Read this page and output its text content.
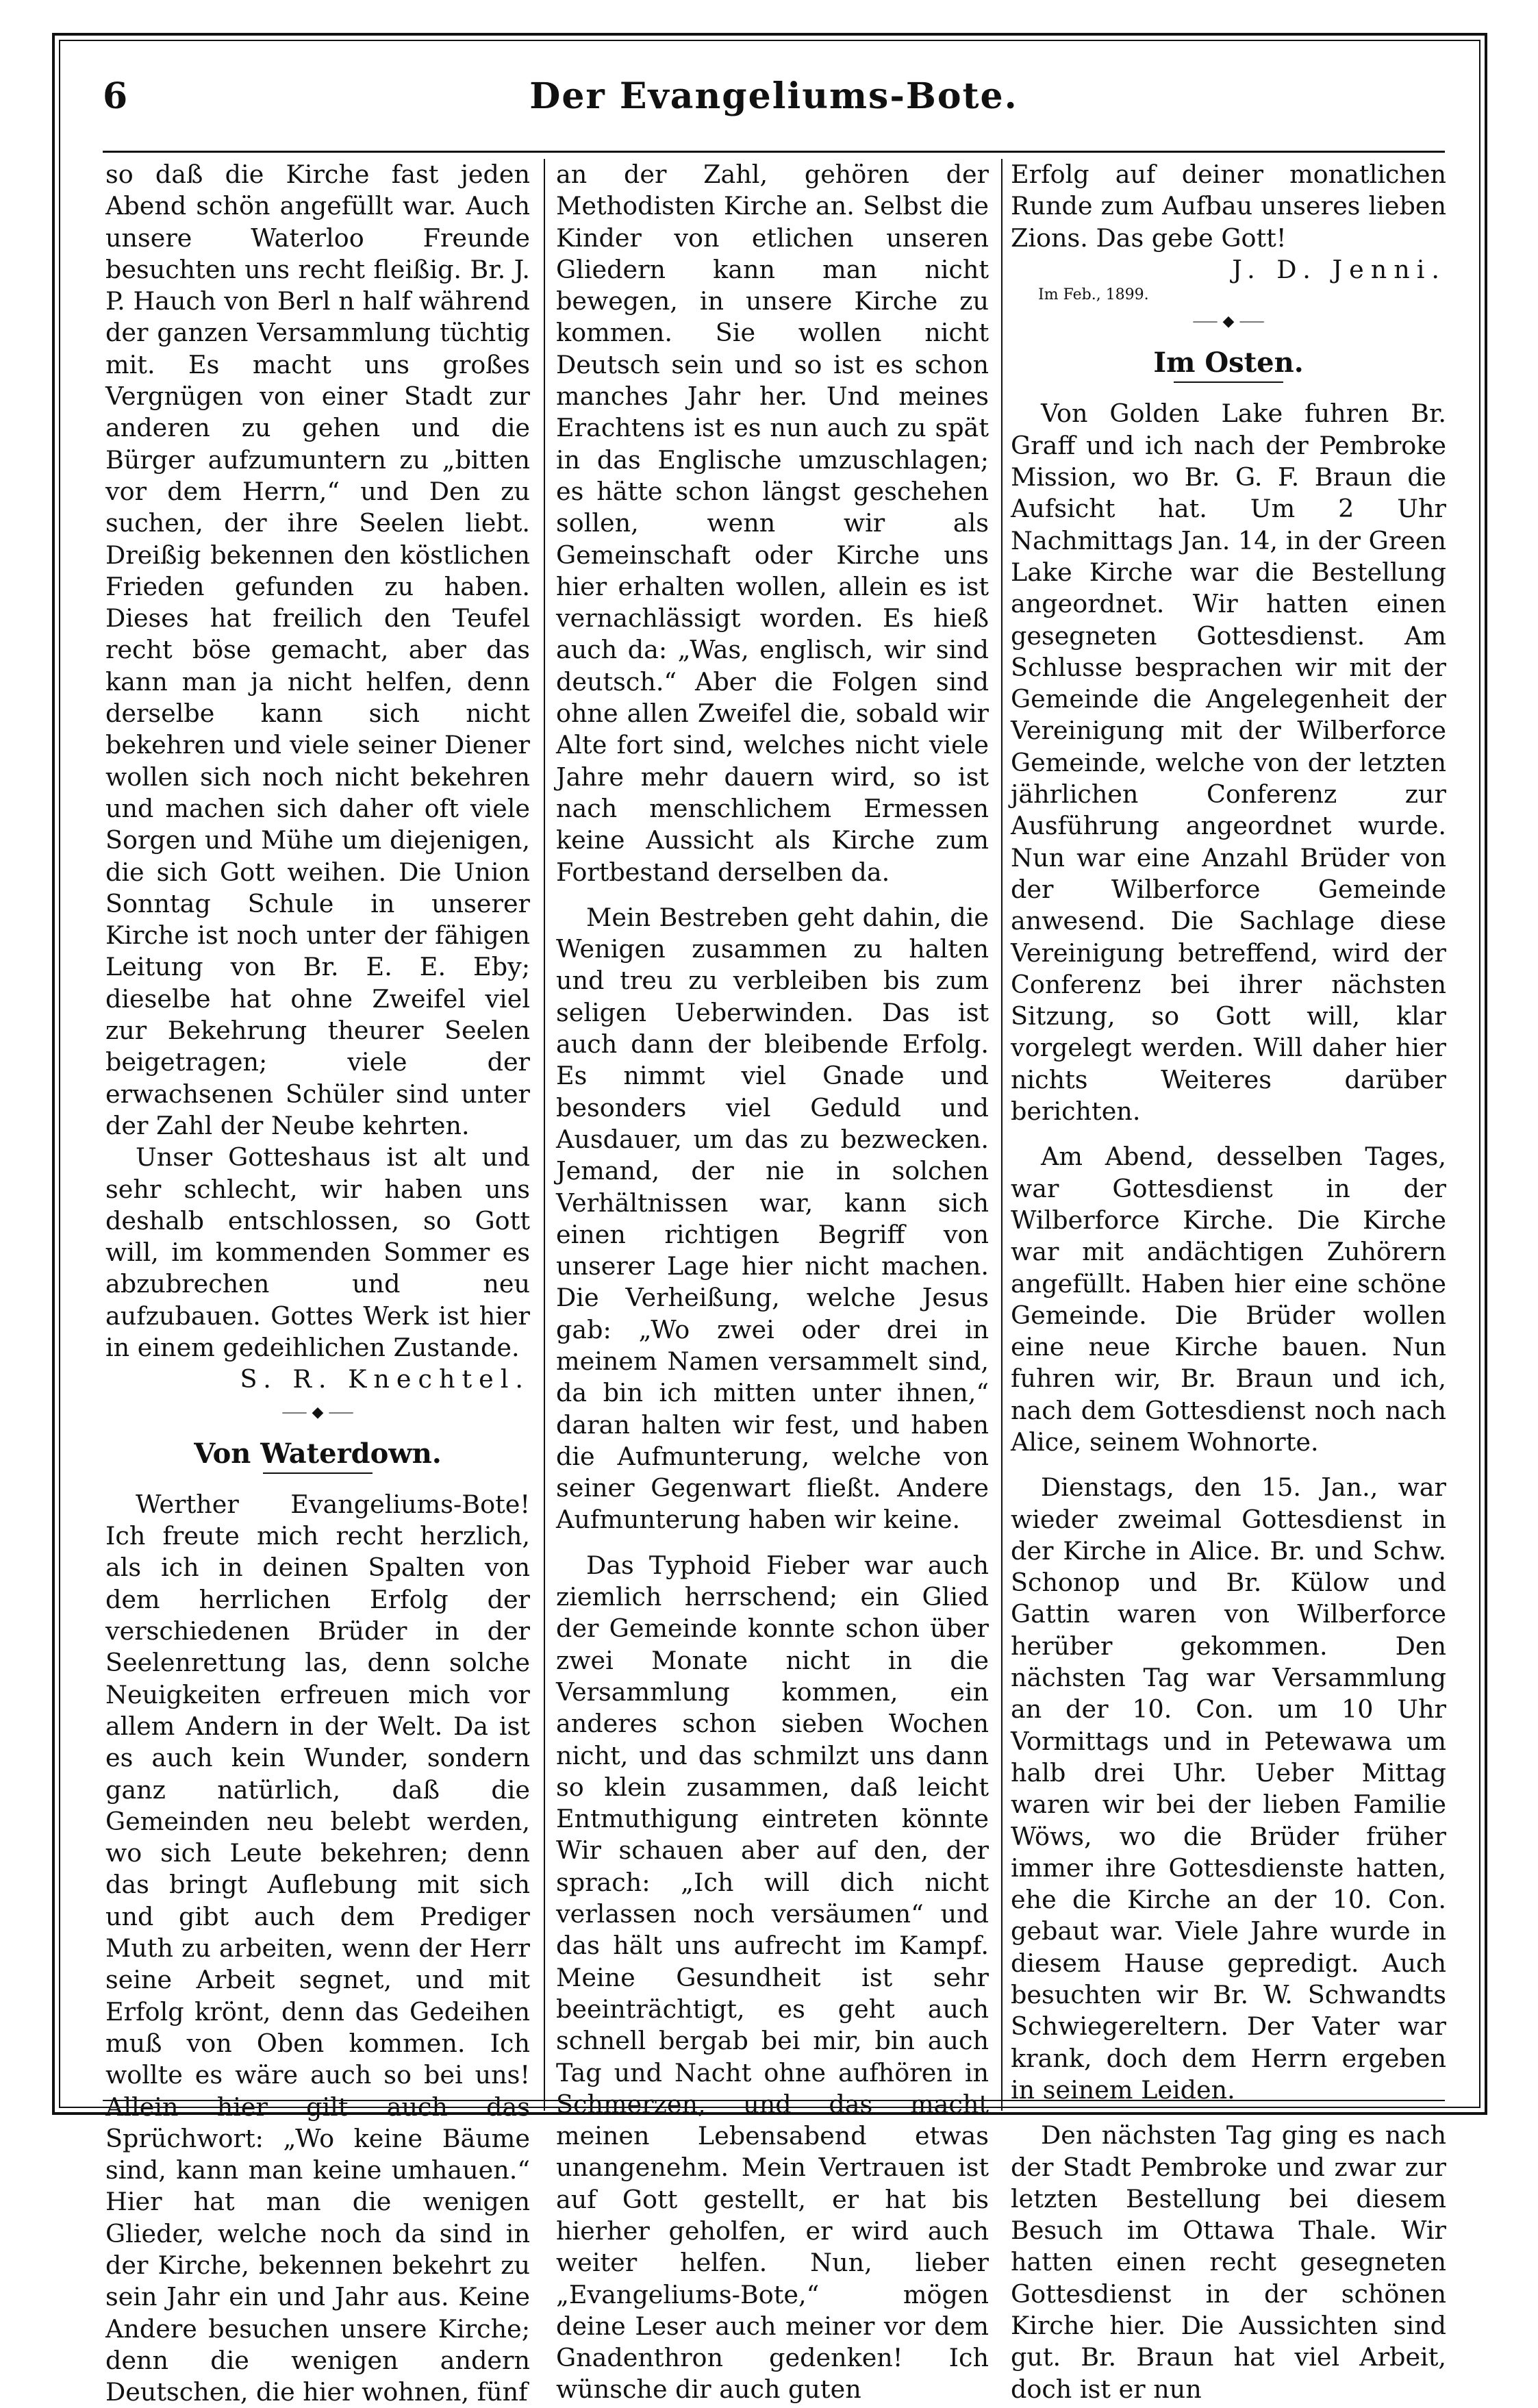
6	Der Evangeliums-Bote.

so daß die Kirche fast jeden Abend schön angefüllt war. Auch unsere Waterloo Freunde besuchten uns recht fleißig. Br. J. P. Hauch von Berl n half während der ganzen Versammlung tüchtig mit. Es macht uns großes Vergnügen von einer Stadt zur anderen zu gehen und die Bürger aufzumuntern zu „bitten vor dem Herrn,“ und Den zu suchen, der ihre Seelen liebt. Dreißig bekennen den köstlichen Frieden gefunden zu haben. Dieses hat freilich den Teufel recht böse gemacht, aber das kann man ja nicht helfen, denn derselbe kann sich nicht bekehren und viele seiner Diener wollen sich noch nicht bekehren und machen sich daher oft viele Sorgen und Mühe um diejenigen, die sich Gott weihen. Die Union Sonntag Schule in unserer Kirche ist noch unter der fähigen Leitung von Br. E. E. Eby; dieselbe hat ohne Zweifel viel zur Bekehrung theurer Seelen beigetragen; viele der erwachsenen Schüler sind unter der Zahl der Neube kehrten.

Unser Gotteshaus ist alt und sehr schlecht, wir haben uns deshalb entschlossen, so Gott will, im kommenden Sommer es abzubrechen und neu aufzubauen. Gottes Werk ist hier in einem gedeihlichen Zustande.

S. R. Knechtel.
⸺ ◆ ⸺
Von Waterdown.

Werther Evangeliums-Bote! Ich freute mich recht herzlich, als ich in deinen Spalten von dem herrlichen Erfolg der verschiedenen Brüder in der Seelenrettung las, denn solche Neuigkeiten erfreuen mich vor allem Andern in der Welt. Da ist es auch kein Wunder, sondern ganz natürlich, daß die Gemeinden neu belebt werden, wo sich Leute bekehren; denn das bringt Auflebung mit sich und gibt auch dem Prediger Muth zu arbeiten, wenn der Herr seine Arbeit segnet, und mit Erfolg krönt, denn das Gedeihen muß von Oben kommen. Ich wollte es wäre auch so bei uns! Allein hier gilt auch das Sprüchwort: „Wo keine Bäume sind, kann man keine umhauen.“ Hier hat man die wenigen Glieder, welche noch da sind in der Kirche, bekennen bekehrt zu sein Jahr ein und Jahr aus. Keine Andere besuchen unsere Kirche; denn die wenigen andern Deutschen, die hier wohnen, fünf

an der Zahl, gehören der Methodisten Kirche an. Selbst die Kinder von etlichen unseren Gliedern kann man nicht bewegen, in unsere Kirche zu kommen. Sie wollen nicht Deutsch sein und so ist es schon manches Jahr her. Und meines Erachtens ist es nun auch zu spät in das Englische umzuschlagen; es hätte schon längst geschehen sollen, wenn wir als Gemeinschaft oder Kirche uns hier erhalten wollen, allein es ist vernachlässigt worden. Es hieß auch da: „Was, englisch, wir sind deutsch.“ Aber die Folgen sind ohne allen Zweifel die, sobald wir Alte fort sind, welches nicht viele Jahre mehr dauern wird, so ist nach menschlichem Ermessen keine Aussicht als Kirche zum Fortbestand derselben da.

Mein Bestreben geht dahin, die Wenigen zusammen zu halten und treu zu verbleiben bis zum seligen Ueberwinden. Das ist auch dann der bleibende Erfolg. Es nimmt viel Gnade und besonders viel Geduld und Ausdauer, um das zu bezwecken. Jemand, der nie in solchen Verhältnissen war, kann sich einen richtigen Begriff von unserer Lage hier nicht machen. Die Verheißung, welche Jesus gab: „Wo zwei oder drei in meinem Namen versammelt sind, da bin ich mitten unter ihnen,“ daran halten wir fest, und haben die Aufmunterung, welche von seiner Gegenwart fließt. Andere Aufmunterung haben wir keine.

Das Typhoid Fieber war auch ziemlich herrschend; ein Glied der Gemeinde konnte schon über zwei Monate nicht in die Versammlung kommen, ein anderes schon sieben Wochen nicht, und das schmilzt uns dann so klein zusammen, daß leicht Entmuthigung eintreten könnte Wir schauen aber auf den, der sprach: „Ich will dich nicht verlassen noch versäumen“ und das hält uns aufrecht im Kampf. Meine Gesundheit ist sehr beeinträchtigt, es geht auch schnell bergab bei mir, bin auch Tag und Nacht ohne aufhören in Schmerzen, und das macht meinen Lebensabend etwas unangenehm. Mein Vertrauen ist auf Gott gestellt, er hat bis hierher geholfen, er wird auch weiter helfen. Nun, lieber „Evangeliums-Bote,“ mögen deine Leser auch meiner vor dem Gnadenthron gedenken! Ich wünsche dir auch guten

Erfolg auf deiner monatlichen Runde zum Aufbau unseres lieben Zions. Das gebe Gott!

J. D. Jenni.
Im Feb., 1899.
⸺ ◆ ⸺
Im Osten.

Von Golden Lake fuhren Br. Graff und ich nach der Pembroke Mission, wo Br. G. F. Braun die Aufsicht hat. Um 2 Uhr Nachmittags Jan. 14, in der Green Lake Kirche war die Bestellung angeordnet. Wir hatten einen gesegneten Gottesdienst. Am Schlusse besprachen wir mit der Gemeinde die Angelegenheit der Vereinigung mit der Wilberforce Gemeinde, welche von der letzten jährlichen Conferenz zur Ausführung angeordnet wurde. Nun war eine Anzahl Brüder von der Wilberforce Gemeinde anwesend. Die Sachlage diese Vereinigung betreffend, wird der Conferenz bei ihrer nächsten Sitzung, so Gott will, klar vorgelegt werden. Will daher hier nichts Weiteres darüber berichten.

Am Abend, desselben Tages, war Gottesdienst in der Wilberforce Kirche. Die Kirche war mit andächtigen Zuhörern angefüllt. Haben hier eine schöne Gemeinde. Die Brüder wollen eine neue Kirche bauen. Nun fuhren wir, Br. Braun und ich, nach dem Gottesdienst noch nach Alice, seinem Wohnorte.

Dienstags, den 15. Jan., war wieder zweimal Gottesdienst in der Kirche in Alice. Br. und Schw. Schonop und Br. Külow und Gattin waren von Wilberforce herüber gekommen. Den nächsten Tag war Versammlung an der 10. Con. um 10 Uhr Vormittags und in Petewawa um halb drei Uhr. Ueber Mittag waren wir bei der lieben Familie Wöws, wo die Brüder früher immer ihre Gottesdienste hatten, ehe die Kirche an der 10. Con. gebaut war. Viele Jahre wurde in diesem Hause gepredigt. Auch besuchten wir Br. W. Schwandts Schwiegereltern. Der Vater war krank, doch dem Herrn ergeben in seinem Leiden.

Den nächsten Tag ging es nach der Stadt Pembroke und zwar zur letzten Bestellung bei diesem Besuch im Ottawa Thale. Wir hatten einen recht gesegneten Gottesdienst in der schönen Kirche hier. Die Aussichten sind gut. Br. Braun hat viel Arbeit, doch ist er nun
